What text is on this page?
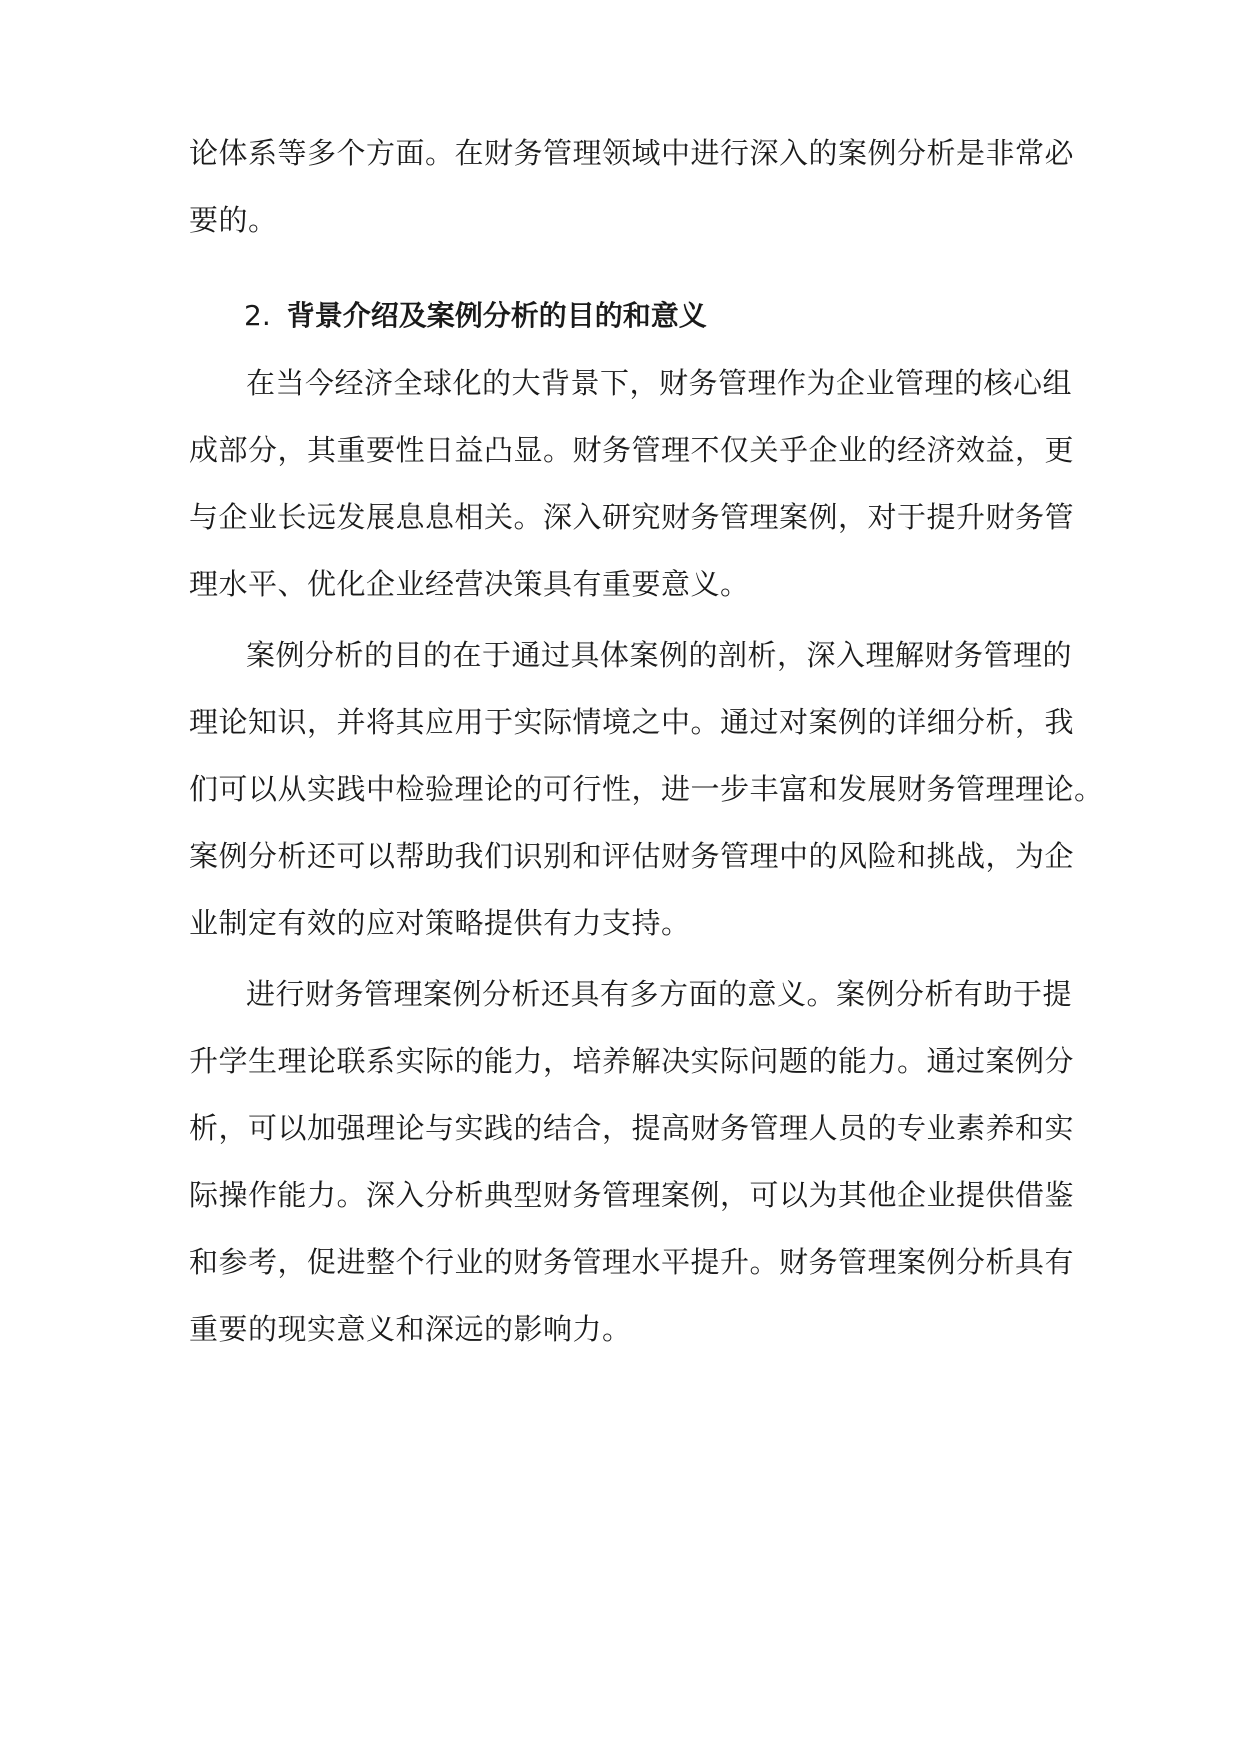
论体系等多个方面。在财务管理领域中进行深入的案例分析是非常必
要的。
2. 背景介绍及案例分析的目的和意义
在当今经济全球化的大背景下，财务管理作为企业管理的核心组
成部分，其重要性日益凸显。财务管理不仅关乎企业的经济效益，更
与企业长远发展息息相关。深入研究财务管理案例，对于提升财务管
理水平、优化企业经营决策具有重要意义。
案例分析的目的在于通过具体案例的剖析，深入理解财务管理的
理论知识，并将其应用于实际情境之中。通过对案例的详细分析，我
们可以从实践中检验理论的可行性，进一步丰富和发展财务管理理论。
案例分析还可以帮助我们识别和评估财务管理中的风险和挑战，为企
业制定有效的应对策略提供有力支持。
进行财务管理案例分析还具有多方面的意义。案例分析有助于提
升学生理论联系实际的能力，培养解决实际问题的能力。通过案例分
析，可以加强理论与实践的结合，提高财务管理人员的专业素养和实
际操作能力。深入分析典型财务管理案例，可以为其他企业提供借鉴
和参考，促进整个行业的财务管理水平提升。财务管理案例分析具有
重要的现实意义和深远的影响力。
